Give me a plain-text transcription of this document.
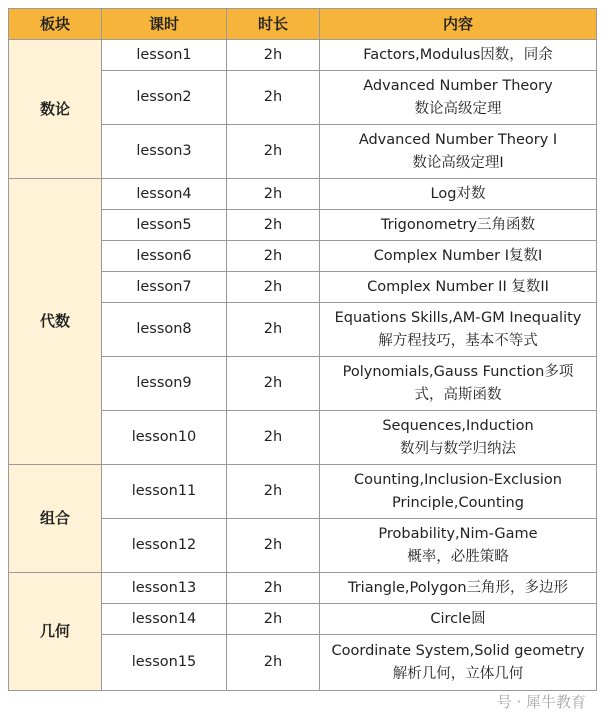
板块	课时	时长	内容
数论	lesson1	2h	Factors,Modulus因数，同余

	lesson2	2h	Advanced Number Theory
数论高级定理

	lesson3	2h	Advanced Number Theory I
数论高级定理I

代数	lesson4	2h	Log对数

	lesson5	2h	Trigonometry三角函数

	lesson6	2h	Complex Number I复数I

	lesson7	2h	Complex Number II 复数II

	lesson8	2h	Equations Skills,AM-GM Inequality
解方程技巧，基本不等式

	lesson9	2h	Polynomials,Gauss Function多项
式，高斯函数

	lesson10	2h	Sequences,Induction
数列与数学归纳法

组合	lesson11	2h	Counting,Inclusion-Exclusion
Principle,Counting

	lesson12	2h	Probability,Nim-Game
概率，必胜策略

几何	lesson13	2h	Triangle,Polygon三角形，多边形

	lesson14	2h	Circle圆

	lesson15	2h	Coordinate System,Solid geometry
解析几何，立体几何
号 · 犀牛教育
